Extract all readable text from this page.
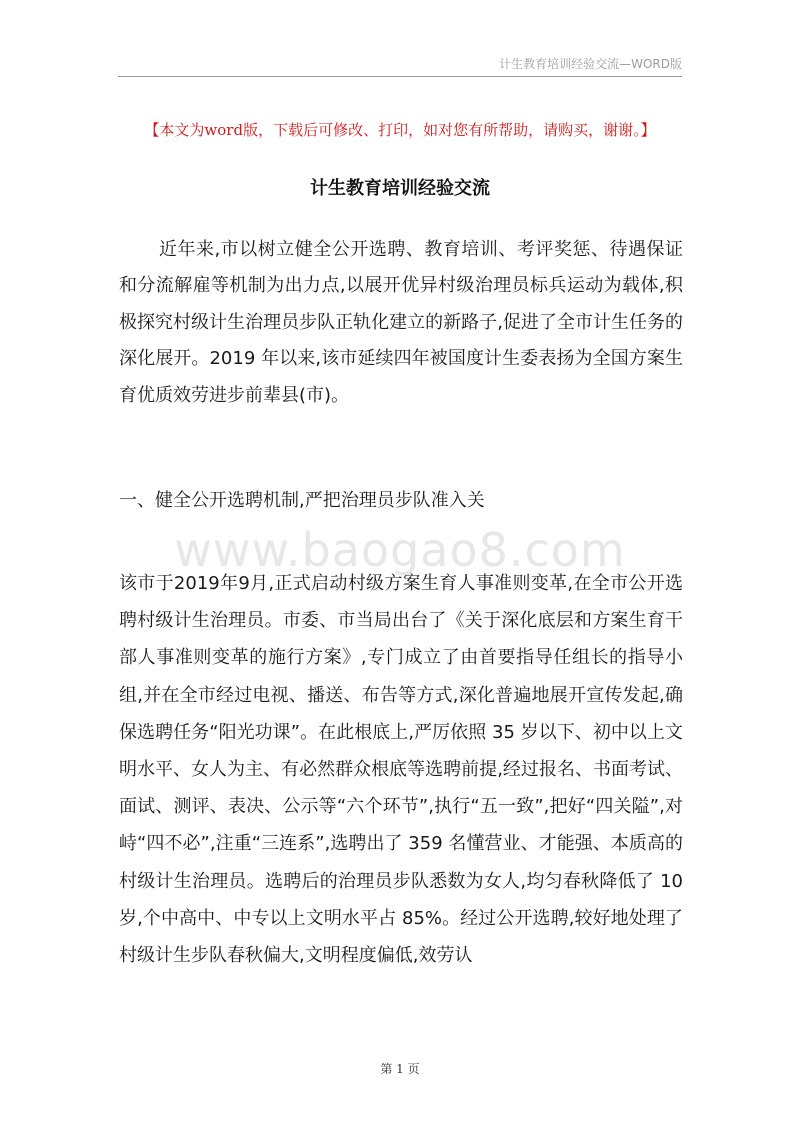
计生教育培训经验交流—WORD版
【本文为word版，下载后可修改、打印，如对您有所帮助，请购买，谢谢。】
计生教育培训经验交流
近年来,市以树立健全公开选聘、教育培训、考评奖惩、待遇保证和分流解雇等机制为出力点,以展开优异村级治理员标兵运动为载体,积极探究村级计生治理员步队正轨化建立的新路子,促进了全市计生任务的深化展开。2019 年以来,该市延续四年被国度计生委表扬为全国方案生育优质效劳进步前辈县(市)。
一、健全公开选聘机制,严把治理员步队准入关
www.baogao8.com
该市于2019年9月,正式启动村级方案生育人事准则变革,在全市公开选聘村级计生治理员。市委、市当局出台了《关于深化底层和方案生育干部人事准则变革的施行方案》,专门成立了由首要指导任组长的指导小组,并在全市经过电视、播送、布告等方式,深化普遍地展开宣传发起,确保选聘任务“阳光功课”。在此根底上,严厉依照 35 岁以下、初中以上文明水平、女人为主、有必然群众根底等选聘前提,经过报名、书面考试、面试、测评、表决、公示等“六个环节”,执行“五一致”,把好“四关隘”,对峙“四不必”,注重“三连系”,选聘出了 359 名懂营业、才能强、本质高的村级计生治理员。选聘后的治理员步队悉数为女人,均匀春秋降低了 10 岁,个中高中、中专以上文明水平占 85%。经过公开选聘,较好地处理了村级计生步队春秋偏大,文明程度偏低,效劳认
第 1 页
